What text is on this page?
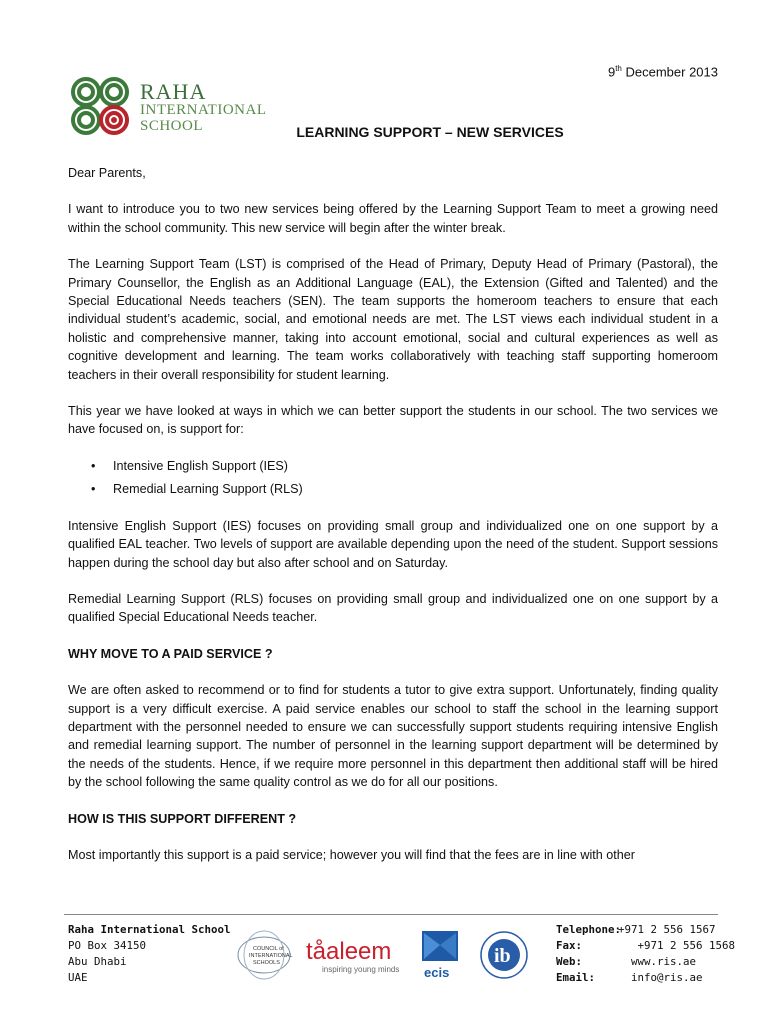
9th December 2013
RAHA
INTERNATIONAL
SCHOOL	LEARNING SUPPORT – NEW SERVICES

Dear Parents,

I want to introduce you to two new services being offered by the Learning Support Team to meet a growing need within the school community. This new service will begin after the winter break.

The Learning Support Team (LST) is comprised of the Head of Primary, Deputy Head of Primary (Pastoral), the Primary Counsellor, the English as an Additional Language (EAL), the Extension (Gifted and Talented) and the Special Educational Needs teachers (SEN). The team supports the homeroom teachers to ensure that each individual student’s academic, social, and emotional needs are met. The LST views each individual student in a holistic and comprehensive manner, taking into account emotional, social and cultural experiences as well as cognitive development and learning. The team works collaboratively with teaching staff supporting homeroom teachers in their overall responsibility for student learning.

This year we have looked at ways in which we can better support the students in our school. The two services we have focused on, is support for:

• Intensive English Support (IES)
• Remedial Learning Support (RLS)

Intensive English Support (IES) focuses on providing small group and individualized one on one support by a qualified EAL teacher. Two levels of support are available depending upon the need of the student. Support sessions happen during the school day but also after school and on Saturday.

Remedial Learning Support (RLS) focuses on providing small group and individualized one on one support by a qualified Special Educational Needs teacher.

WHY MOVE TO A PAID SERVICE ?

We are often asked to recommend or to find for students a tutor to give extra support. Unfortunately, finding quality support is a very difficult exercise. A paid service enables our school to staff the school in the learning support department with the personnel needed to ensure we can successfully support students requiring intensive English and remedial learning support. The number of personnel in the learning support department will be determined by the needs of the students. Hence, if we require more personnel in this department then additional staff will be hired by the school following the same quality control as we do for all our positions.

HOW IS THIS SUPPORT DIFFERENT ?

Most importantly this support is a paid service; however you will find that the fees are in line with other

Raha International School
PO Box 34150
Abu Dhabi
UAE
COUNCIL of
INTERNATIONAL
SCHOOLS tåaleem
inspiring young minds ecis
ib
Telephone:
+971 2 556 1567
Fax:	+971 2 556 1568
Web:	www.ris.ae
Email:	info@ris.ae
